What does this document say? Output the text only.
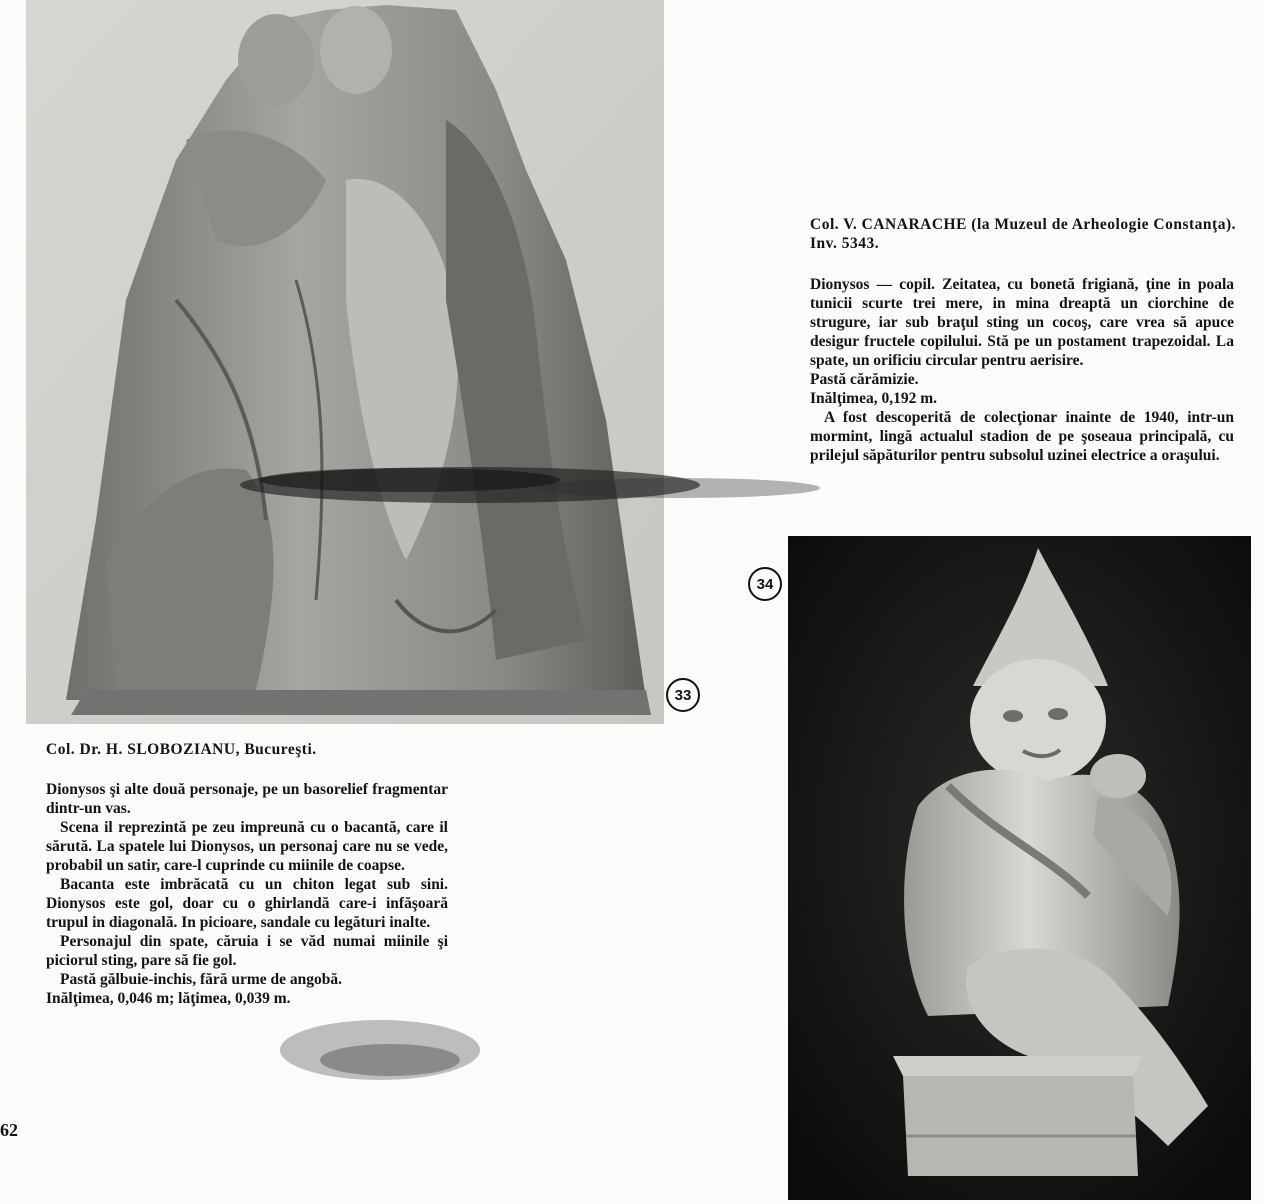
33

Col. Dr. H. SLOBOZIANU, Bucureşti.

Dionysos şi alte două personaje, pe un basorelief fragmentar dintr-un vas.

Scena il reprezintă pe zeu impreună cu o bacantă, care il sărută. La spatele lui Dionysos, un personaj care nu se vede, probabil un satir, care-l cuprinde cu miinile de coapse.

Bacanta este imbrăcată cu un chiton legat sub sini. Dionysos este gol, doar cu o ghirlandă care-i infăşoară trupul in diagonală. In picioare, sandale cu legături inalte.

Personajul din spate, căruia i se văd numai miinile şi piciorul sting, pare să fie gol.

Pastă gălbuie-inchis, fără urme de angobă.

Inălţimea, 0,046 m; lăţimea, 0,039 m.

Col. V. CANARACHE (la Muzeul de Arheologie Constanţa). Inv. 5343.

Dionysos — copil. Zeitatea, cu bonetă frigiană, ţine in poala tunicii scurte trei mere, in mina dreaptă un ciorchine de strugure, iar sub braţul sting un cocoş, care vrea să apuce desigur fructele copilului. Stă pe un postament trapezoidal. La spate, un orificiu circular pentru aerisire.

Pastă cărămizie.

Inălţimea, 0,192 m.

A fost descoperită de colecţionar inainte de 1940, intr-un mormint, lingă actualul stadion de pe şoseaua principală, cu prilejul săpăturilor pentru subsolul uzinei electrice a oraşului.

34
62
